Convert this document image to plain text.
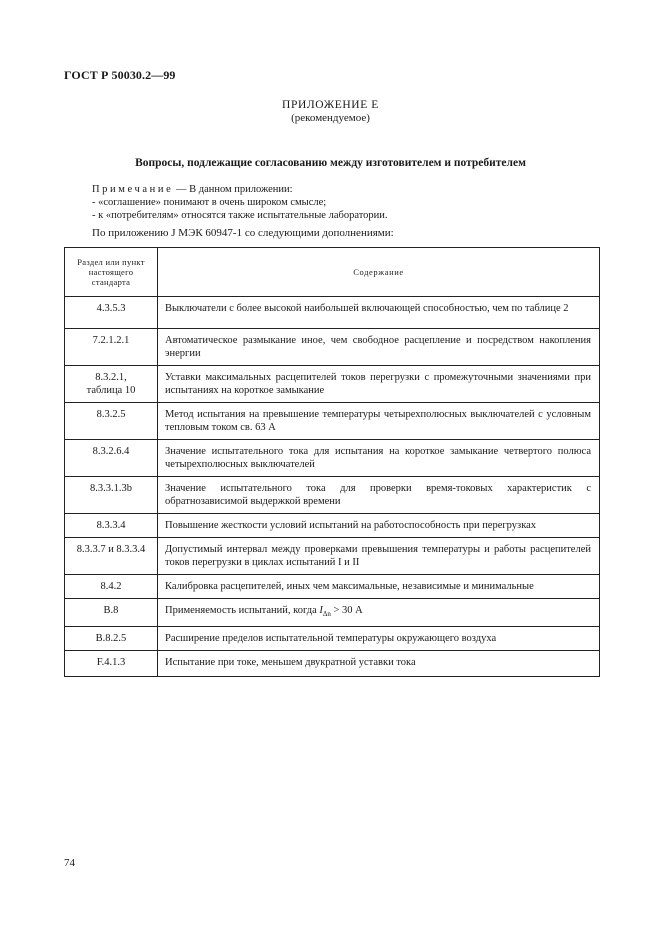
ГОСТ Р 50030.2—99
ПРИЛОЖЕНИЕ Е
(рекомендуемое)
Вопросы, подлежащие согласованию между изготовителем и потребителем
Примечание — В данном приложении:
- «соглашение» понимают в очень широком смысле;
- к «потребителям» относятся также испытательные лаборатории.
По приложению J МЭК 60947-1 со следующими дополнениями:
Раздел или пункт
настоящего
стандарта	Содержание
4.3.5.3	Выключатели с более высокой наибольшей включающей способностью, чем по таблице 2
7.2.1.2.1	Автоматическое размыкание иное, чем свободное расцепление и посредством накопления энергии
8.3.2.1,
таблица 10	Уставки максимальных расцепителей токов перегрузки с промежуточными значениями при испытаниях на короткое замыкание
8.3.2.5	Метод испытания на превышение температуры четырехполюсных выключателей с условным тепловым током св. 63 А
8.3.2.6.4	Значение испытательного тока для испытания на короткое замыкание четвертого полюса четырехполюсных выключателей
8.3.3.1.3b	Значение испытательного тока для проверки время-токовых характеристик с обратнозависимой выдержкой времени
8.3.3.4	Повышение жесткости условий испытаний на работоспособность при перегрузках
8.3.3.7 и 8.3.3.4	Допустимый интервал между проверками превышения температуры и работы расцепителей токов перегрузки в циклах испытаний I и II
8.4.2	Калибровка расцепителей, иных чем максимальные, независимые и минимальные
В.8	Применяемость испытаний, когда $I_{\Delta n} > 30$ А
В.8.2.5	Расширение пределов испытательной температуры окружающего воздуха
F.4.1.3	Испытание при токе, меньшем двукратной уставки тока
74
